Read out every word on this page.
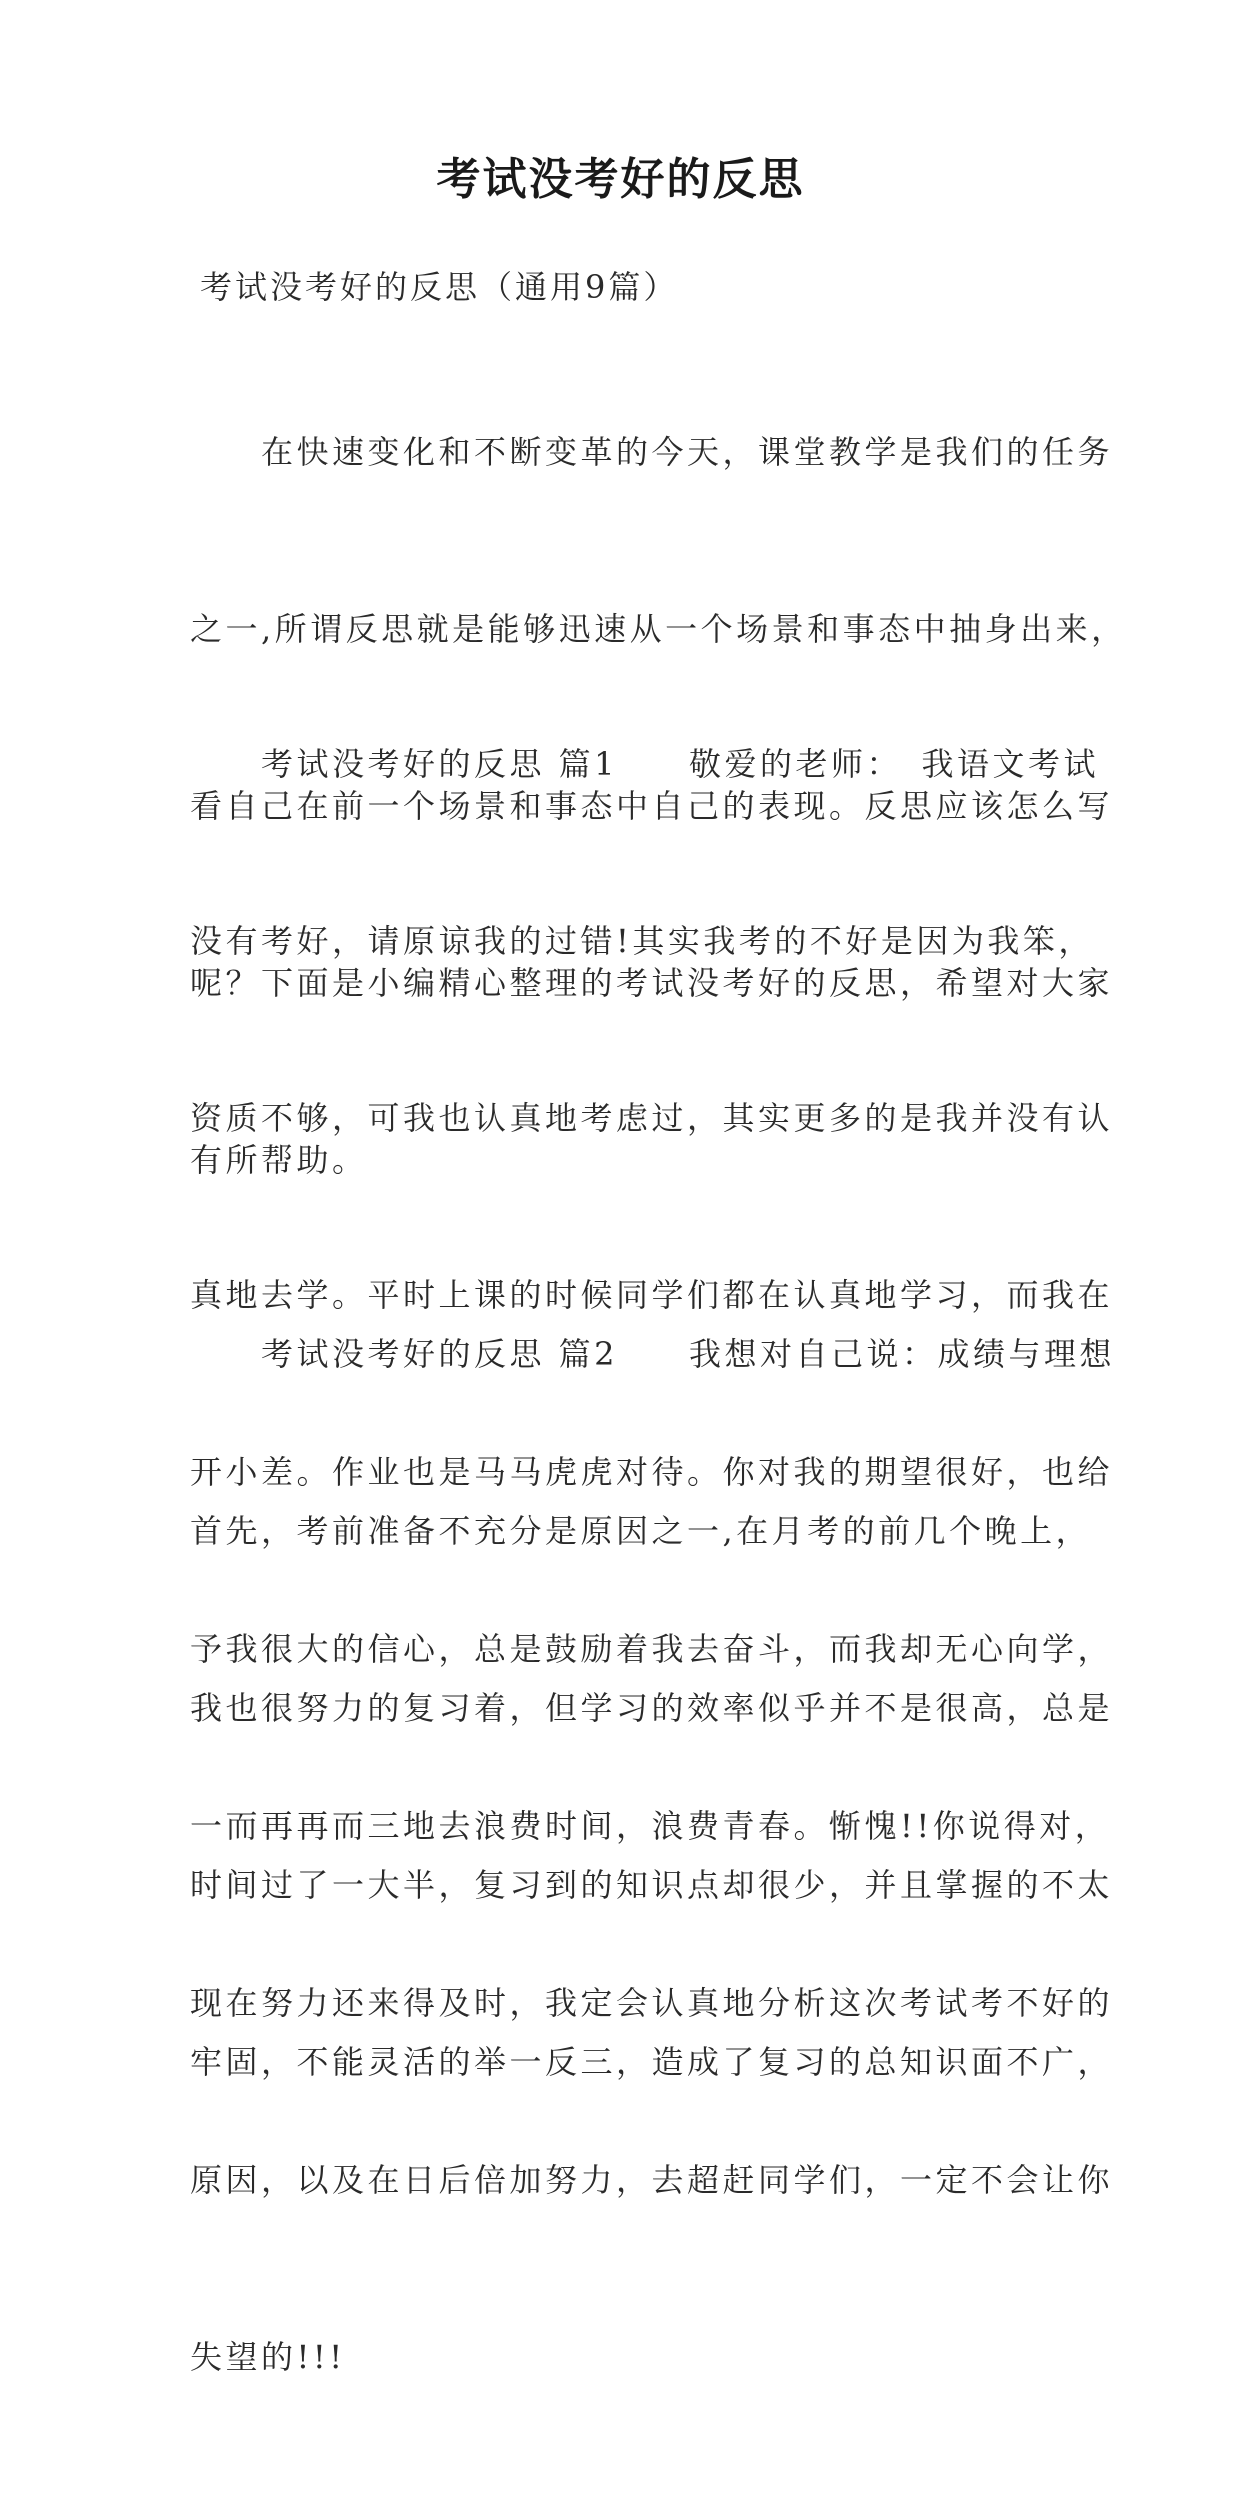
考试没考好的反思
考试没考好的反思（通用9篇）

　　在快速变化和不断变革的今天，课堂教学是我们的任务

之一,所谓反思就是能够迅速从一个场景和事态中抽身出来，

看自己在前一个场景和事态中自己的表现。反思应该怎么写

呢？下面是小编精心整理的考试没考好的反思，希望对大家

有所帮助。

　　考试没考好的反思 篇1　　敬爱的老师：　我语文考试

没有考好，请原谅我的过错!其实我考的不好是因为我笨，

资质不够，可我也认真地考虑过，其实更多的是我并没有认

真地去学。平时上课的时候同学们都在认真地学习，而我在

开小差。作业也是马马虎虎对待。你对我的期望很好，也给

予我很大的信心，总是鼓励着我去奋斗，而我却无心向学，

一而再再而三地去浪费时间，浪费青春。惭愧!!你说得对，

现在努力还来得及时，我定会认真地分析这次考试考不好的

原因，以及在日后倍加努力，去超赶同学们，一定不会让你

失望的!!!

　　考试没考好的反思 篇2　　我想对自己说：成绩与理想

首先，考前准备不充分是原因之一,在月考的前几个晚上，

我也很努力的复习着，但学习的效率似乎并不是很高，总是

时间过了一大半，复习到的知识点却很少，并且掌握的不太

牢固，不能灵活的举一反三，造成了复习的总知识面不广，
